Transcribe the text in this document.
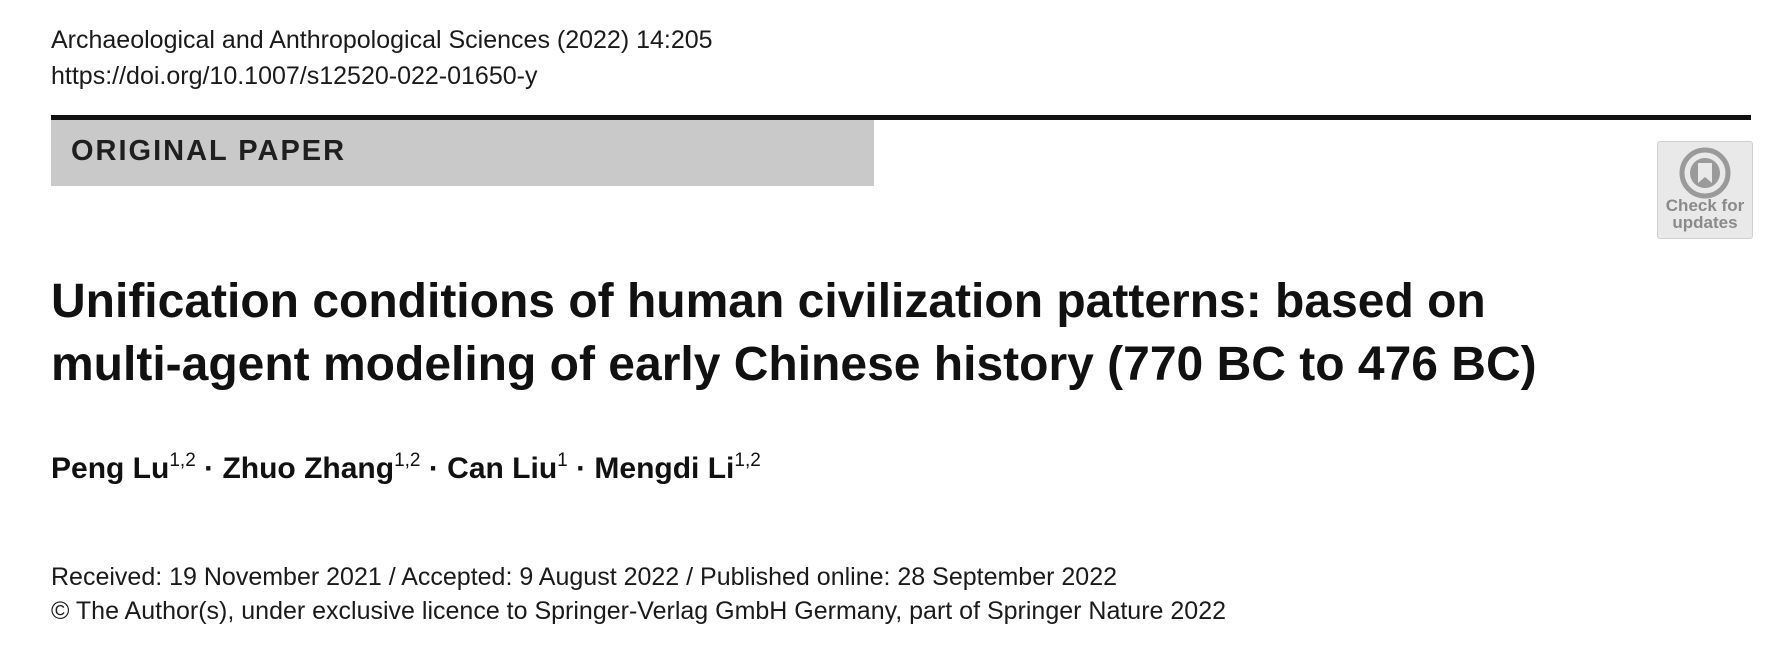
Archaeological and Anthropological Sciences (2022) 14:205
https://doi.org/10.1007/s12520-022-01650-y
ORIGINAL PAPER
Check for
updates
Unification conditions of human civilization patterns: based on
multi-agent modeling of early Chinese history (770 BC to 476 BC)
Peng Lu$^{1,2}$ · Zhuo Zhang$^{1,2}$ · Can Liu$^1$ · Mengdi Li$^{1,2}$
Received: 19 November 2021 / Accepted: 9 August 2022 / Published online: 28 September 2022
© The Author(s), under exclusive licence to Springer-Verlag GmbH Germany, part of Springer Nature 2022
